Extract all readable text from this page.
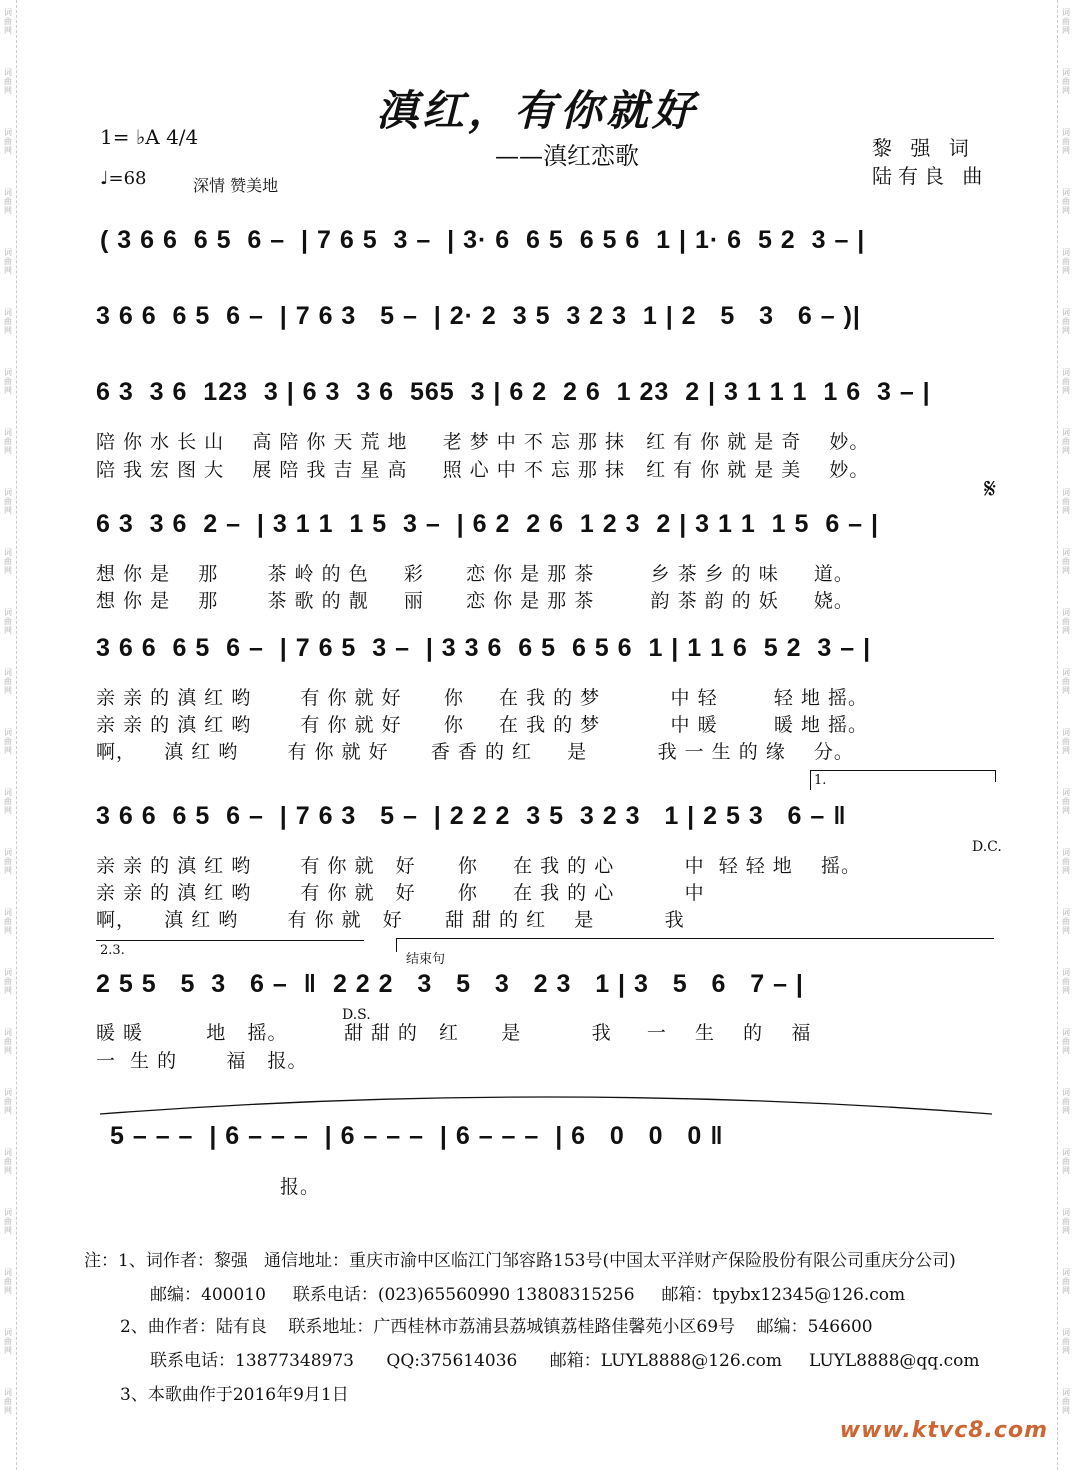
词
曲
网
词
曲
网
词
曲
网
词
曲
网
词
曲
网
词
曲
网
词
曲
网
词
曲
网
词
曲
网
词
曲
网
词
曲
网
词
曲
网
词
曲
网
词
曲
网
词
曲
网
词
曲
网
词
曲
网
词
曲
网
词
曲
网
词
曲
网
词
曲
网
词
曲
网
词
曲
网
词
曲
网
词
曲
网
词
曲
网
词
曲
网
词
曲
网
词
曲
网
词
曲
网
词
曲
网
词
曲
网
词
曲
网
词
曲
网
词
曲
网
词
曲
网
词
曲
网
词
曲
网
词
曲
网
词
曲
网
词
曲
网
词
曲
网
词
曲
网
词
曲
网
词
曲
网
词
曲
网
词
曲
网
词
曲
网
滇红，有你就好
——滇红恋歌	黎 强 词
陆有良 曲
1= ♭A 4/4
♩=68	深情 赞美地
( 3 6 6  6 5  6 –  | 7 6 5  3 –  | 3· 6  6 5  6 5 6  1 | 1· 6  5 2  3 – |
3 6 6  6 5  6 –  | 7 6 3   5 –  | 2· 2  3 5  3 2 3  1 | 2   5   3   6 – )|
6 3  3 6  123  3 | 6 3  3 6  565  3 | 6 2  2 6  1 23  2 | 3 1 1 1  1 6  3 – |
陪 你 水 长 山    高 陪 你 天 荒 地     老 梦 中 不 忘 那 抹   红 有 你 就 是 奇    妙。
陪 我 宏 图 大    展 陪 我 吉 星 高     照 心 中 不 忘 那 抹   红 有 你 就 是 美    妙。
6 3  3 6  2 –  | 3 1 1  1 5  3 –  | 6 2  2 6  1 2 3  2 | 3 1 1  1 5  6 – |
想 你 是    那       茶 岭 的 色     彩      恋 你 是 那 茶        乡 茶 乡 的 味     道。
想 你 是    那       茶 歌 的 靓     丽      恋 你 是 那 茶        韵 茶 韵 的 妖     娆。
𝄋
3 6 6  6 5  6 –  | 7 6 5  3 –  | 3 3 6  6 5  6 5 6  1 | 1 1 6  5 2  3 – |
亲 亲 的 滇 红 哟       有 你 就 好      你     在 我 的 梦          中 轻        轻 地 摇。
亲 亲 的 滇 红 哟       有 你 就 好      你     在 我 的 梦          中 暖        暖 地 摇。
啊，    滇 红 哟       有 你 就 好      香 香 的 红     是          我 一 生 的 缘    分。
1.
3 6 6  6 5  6 –  | 7 6 3   5 –  | 2 2 2  3 5  3 2 3   1 | 2 5 3   6 – ‖
D.C.
亲 亲 的 滇 红 哟       有 你 就   好      你     在 我 的 心          中  轻 轻 地    摇。
亲 亲 的 滇 红 哟       有 你 就   好      你     在 我 的 心          中
啊，    滇 红 哟       有 你 就   好      甜 甜 的 红    是          我
2.3.
结束句
2 5 5   5  3   6 –  ‖  2 2 2   3   5   3   2 3   1 | 3   5   6   7 – |
D.S.
暖 暖         地   摇。        甜 甜 的   红      是          我     一    生    的    福
一  生 的       福   报。
5 – – –  | 6 – – –  | 6 – – –  | 6 – – –  | 6   0   0   0 ‖
报。
注：1、词作者：黎强   通信地址：重庆市渝中区临江门邹容路153号(中国太平洋财产保险股份有限公司重庆分公司)
邮编：400010     联系电话：(023)65560990 13808315256     邮箱：tpybx12345@126.com
2、曲作者：陆有良    联系地址：广西桂林市荔浦县荔城镇荔桂路佳馨苑小区69号    邮编：546600
联系电话：13877348973      QQ:375614036      邮箱：LUYL8888@126.com     LUYL8888@qq.com
3、本歌曲作于2016年9月1日
www.ktvc8.com
